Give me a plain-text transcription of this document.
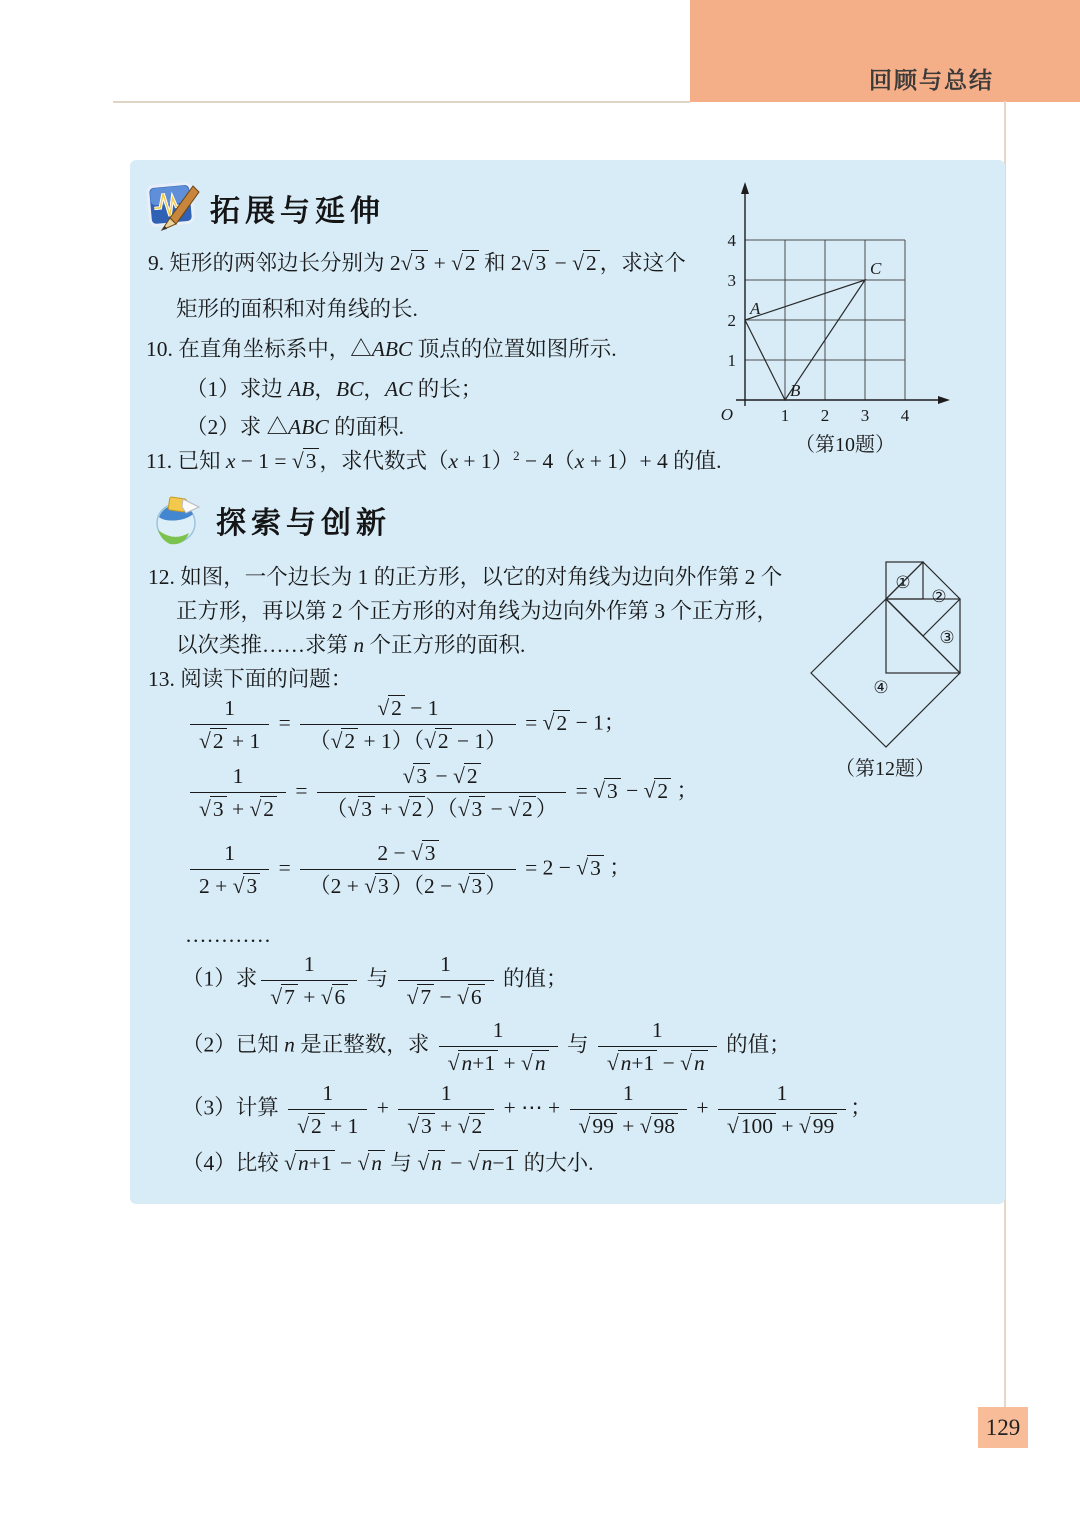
回顾与总结
129
拓展与延伸
9. 矩形的两邻边长分别为 2√ 3 + √ 2 和 2√ 3 − √ 2 ，求这个
矩形的面积和对角线的长.
10. 在直角坐标系中，△ABC 顶点的位置如图所示.
（1）求边 AB，BC，AC 的长；
（2）求 △ABC 的面积.
11. 已知 x − 1 = √ 3 ，求代数式$(x + 1)^2 - 4(x + 1)+ 4$ 的值.
4
3
2
1
1 2 3 4
O
A
B
C
（第10题）
探索与创新
12. 如图，一个边长为 1 的正方形，以它的对角线为边向外作第 2 个
正方形，再以第 2 个正方形的对角线为边向外作第 3 个正方形，
以次类推……求第 n 个正方形的面积.
13. 阅读下面的问题：
①
②
③
④
（第12题）
$\frac{1}{√ 2 + 1} = \frac{√ 2 - 1}{(√ 2 + 1)(√ 2 - 1)}$ = √ 2 − 1；
$\frac{1}{√ 3 + √ 2} = \frac{√ 3 - √ 2}{(√ 3 + √ 2 )(√ 3 - √ 2 )}$ = √ 3 − √ 2 ；
$\frac{1}{2 + √ 3} = \frac{2 - √ 3}{(2 + √ 3 )(2 - √ 3 )} = 2$ − √ 3 ；
…………
（1）求 $\frac{1}{√ 7 + √ 6}$ 与 $\frac{1}{√ 7 - √ 6}$ 的值；
（2）已知 n 是正整数，求 $\frac{1}{√ n+1 + √ n}$ 与 $\frac{1}{√ n+1 - √ n}$ 的值；
（3）计算 $\frac{1}{√ 2 + 1} + \frac{1}{√ 3 + √ 2}$ + ⋯ + $\frac{1}{√ 99 + √ 98} + \frac{1}{√ 100 + √ 99}$ ；
（4）比较 √ n+1 − √ n 与 √ n − √ n−1 的大小.
